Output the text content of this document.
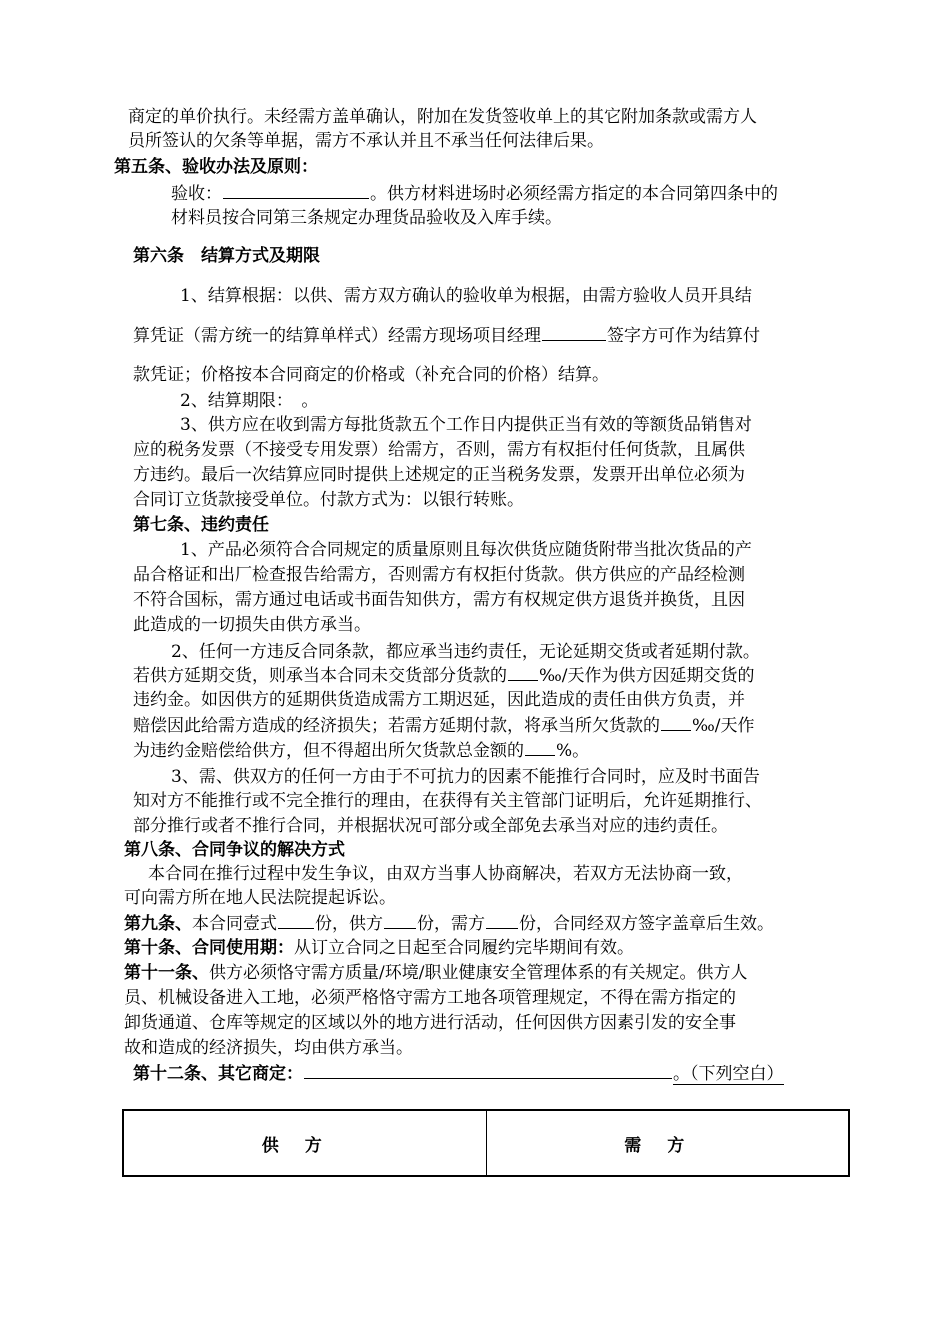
商定的单价执行。未经需方盖单确认，附加在发货签收单上的其它附加条款或需方人
员所签认的欠条等单据，需方不承认并且不承当任何法律后果。
第五条、验收办法及原则：
验收：	。供方材料进场时必须经需方指定的本合同第四条中的
材料员按合同第三条规定办理货品验收及入库手续。
第六条　结算方式及期限
1、结算根据：以供、需方双方确认的验收单为根据，由需方验收人员开具结
算凭证（需方统一的结算单样式）经需方现场项目经理	签字方可作为结算付
款凭证；价格按本合同商定的价格或（补充合同的价格）结算。
2、结算期限：　。
3、供方应在收到需方每批货款五个工作日内提供正当有效的等额货品销售对
应的税务发票（不接受专用发票）给需方，否则，需方有权拒付任何货款，且属供
方违约。最后一次结算应同时提供上述规定的正当税务发票，发票开出单位必须为
合同订立货款接受单位。付款方式为：以银行转账。
第七条、违约责任
1、产品必须符合合同规定的质量原则且每次供货应随货附带当批次货品的产
品合格证和出厂检查报告给需方，否则需方有权拒付货款。供方供应的产品经检测
不符合国标，需方通过电话或书面告知供方，需方有权规定供方退货并换货，且因
此造成的一切损失由供方承当。
2、任何一方违反合同条款，都应承当违约责任，无论延期交货或者延期付款。
若供方延期交货，则承当本合同未交货部分货款的 ‰/天作为供方因延期交货的
违约金。如因供方的延期供货造成需方工期迟延，因此造成的责任由供方负责，并
赔偿因此给需方造成的经济损失；若需方延期付款，将承当所欠货款的 ‰/天作
为违约金赔偿给供方，但不得超出所欠货款总金额的 %。
3、需、供双方的任何一方由于不可抗力的因素不能推行合同时，应及时书面告
知对方不能推行或不完全推行的理由，在获得有关主管部门证明后，允许延期推行、
部分推行或者不推行合同，并根据状况可部分或全部免去承当对应的违约责任。
第八条、合同争议的解决方式
本合同在推行过程中发生争议，由双方当事人协商解决，若双方无法协商一致，
可向需方所在地人民法院提起诉讼。
第九条、本合同壹式 份，供方 份，需方 份，合同经双方签字盖章后生效。
第十条、合同使用期：从订立合同之日起至合同履约完毕期间有效。
第十一条、供方必须恪守需方质量/环境/职业健康安全管理体系的有关规定。供方人
员、机械设备进入工地，必须严格恪守需方工地各项管理规定，不得在需方指定的
卸货通道、仓库等规定的区域以外的地方进行活动，任何因供方因素引发的安全事
故和造成的经济损失，均由供方承当。
第十二条、其它商定：	。（下列空白）
供方	需方
